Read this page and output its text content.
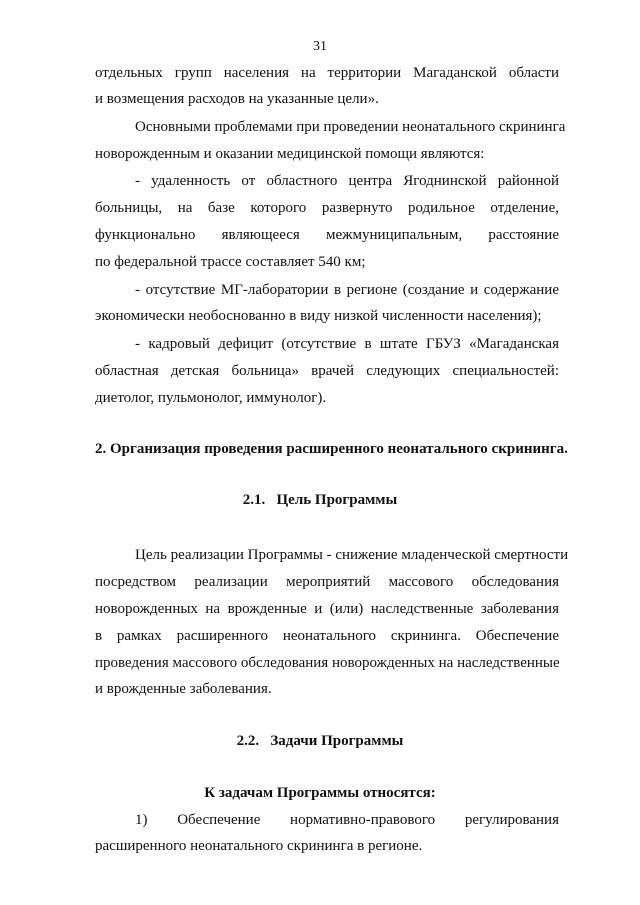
31
отдельных групп населения на территории Магаданской области
и возмещения расходов на указанные цели».
Основными проблемами при проведении неонатального скрининга
новорожденным и оказании медицинской помощи являются:
- удаленность от областного центра Ягоднинской районной
больницы, на базе которого развернуто родильное отделение,
функционально являющееся межмуниципальным, расстояние
по федеральной трассе составляет 540 км;
- отсутствие МГ-лаборатории в регионе (создание и содержание
экономически необоснованно в виду низкой численности населения);
- кадровый дефицит (отсутствие в штате ГБУЗ «Магаданская
областная детская больница» врачей следующих специальностей:
диетолог, пульмонолог, иммунолог).
2. Организация проведения расширенного неонатального скрининга.
2.1.   Цель Программы
Цель реализации Программы - снижение младенческой смертности
посредством реализации мероприятий массового обследования
новорожденных на врожденные и (или) наследственные заболевания
в рамках расширенного неонатального скрининга. Обеспечение
проведения массового обследования новорожденных на наследственные
и врожденные заболевания.
2.2.   Задачи Программы
К задачам Программы относятся:
1)     Обеспечение     нормативно-правового     регулирования
расширенного неонатального скрининга в регионе.
